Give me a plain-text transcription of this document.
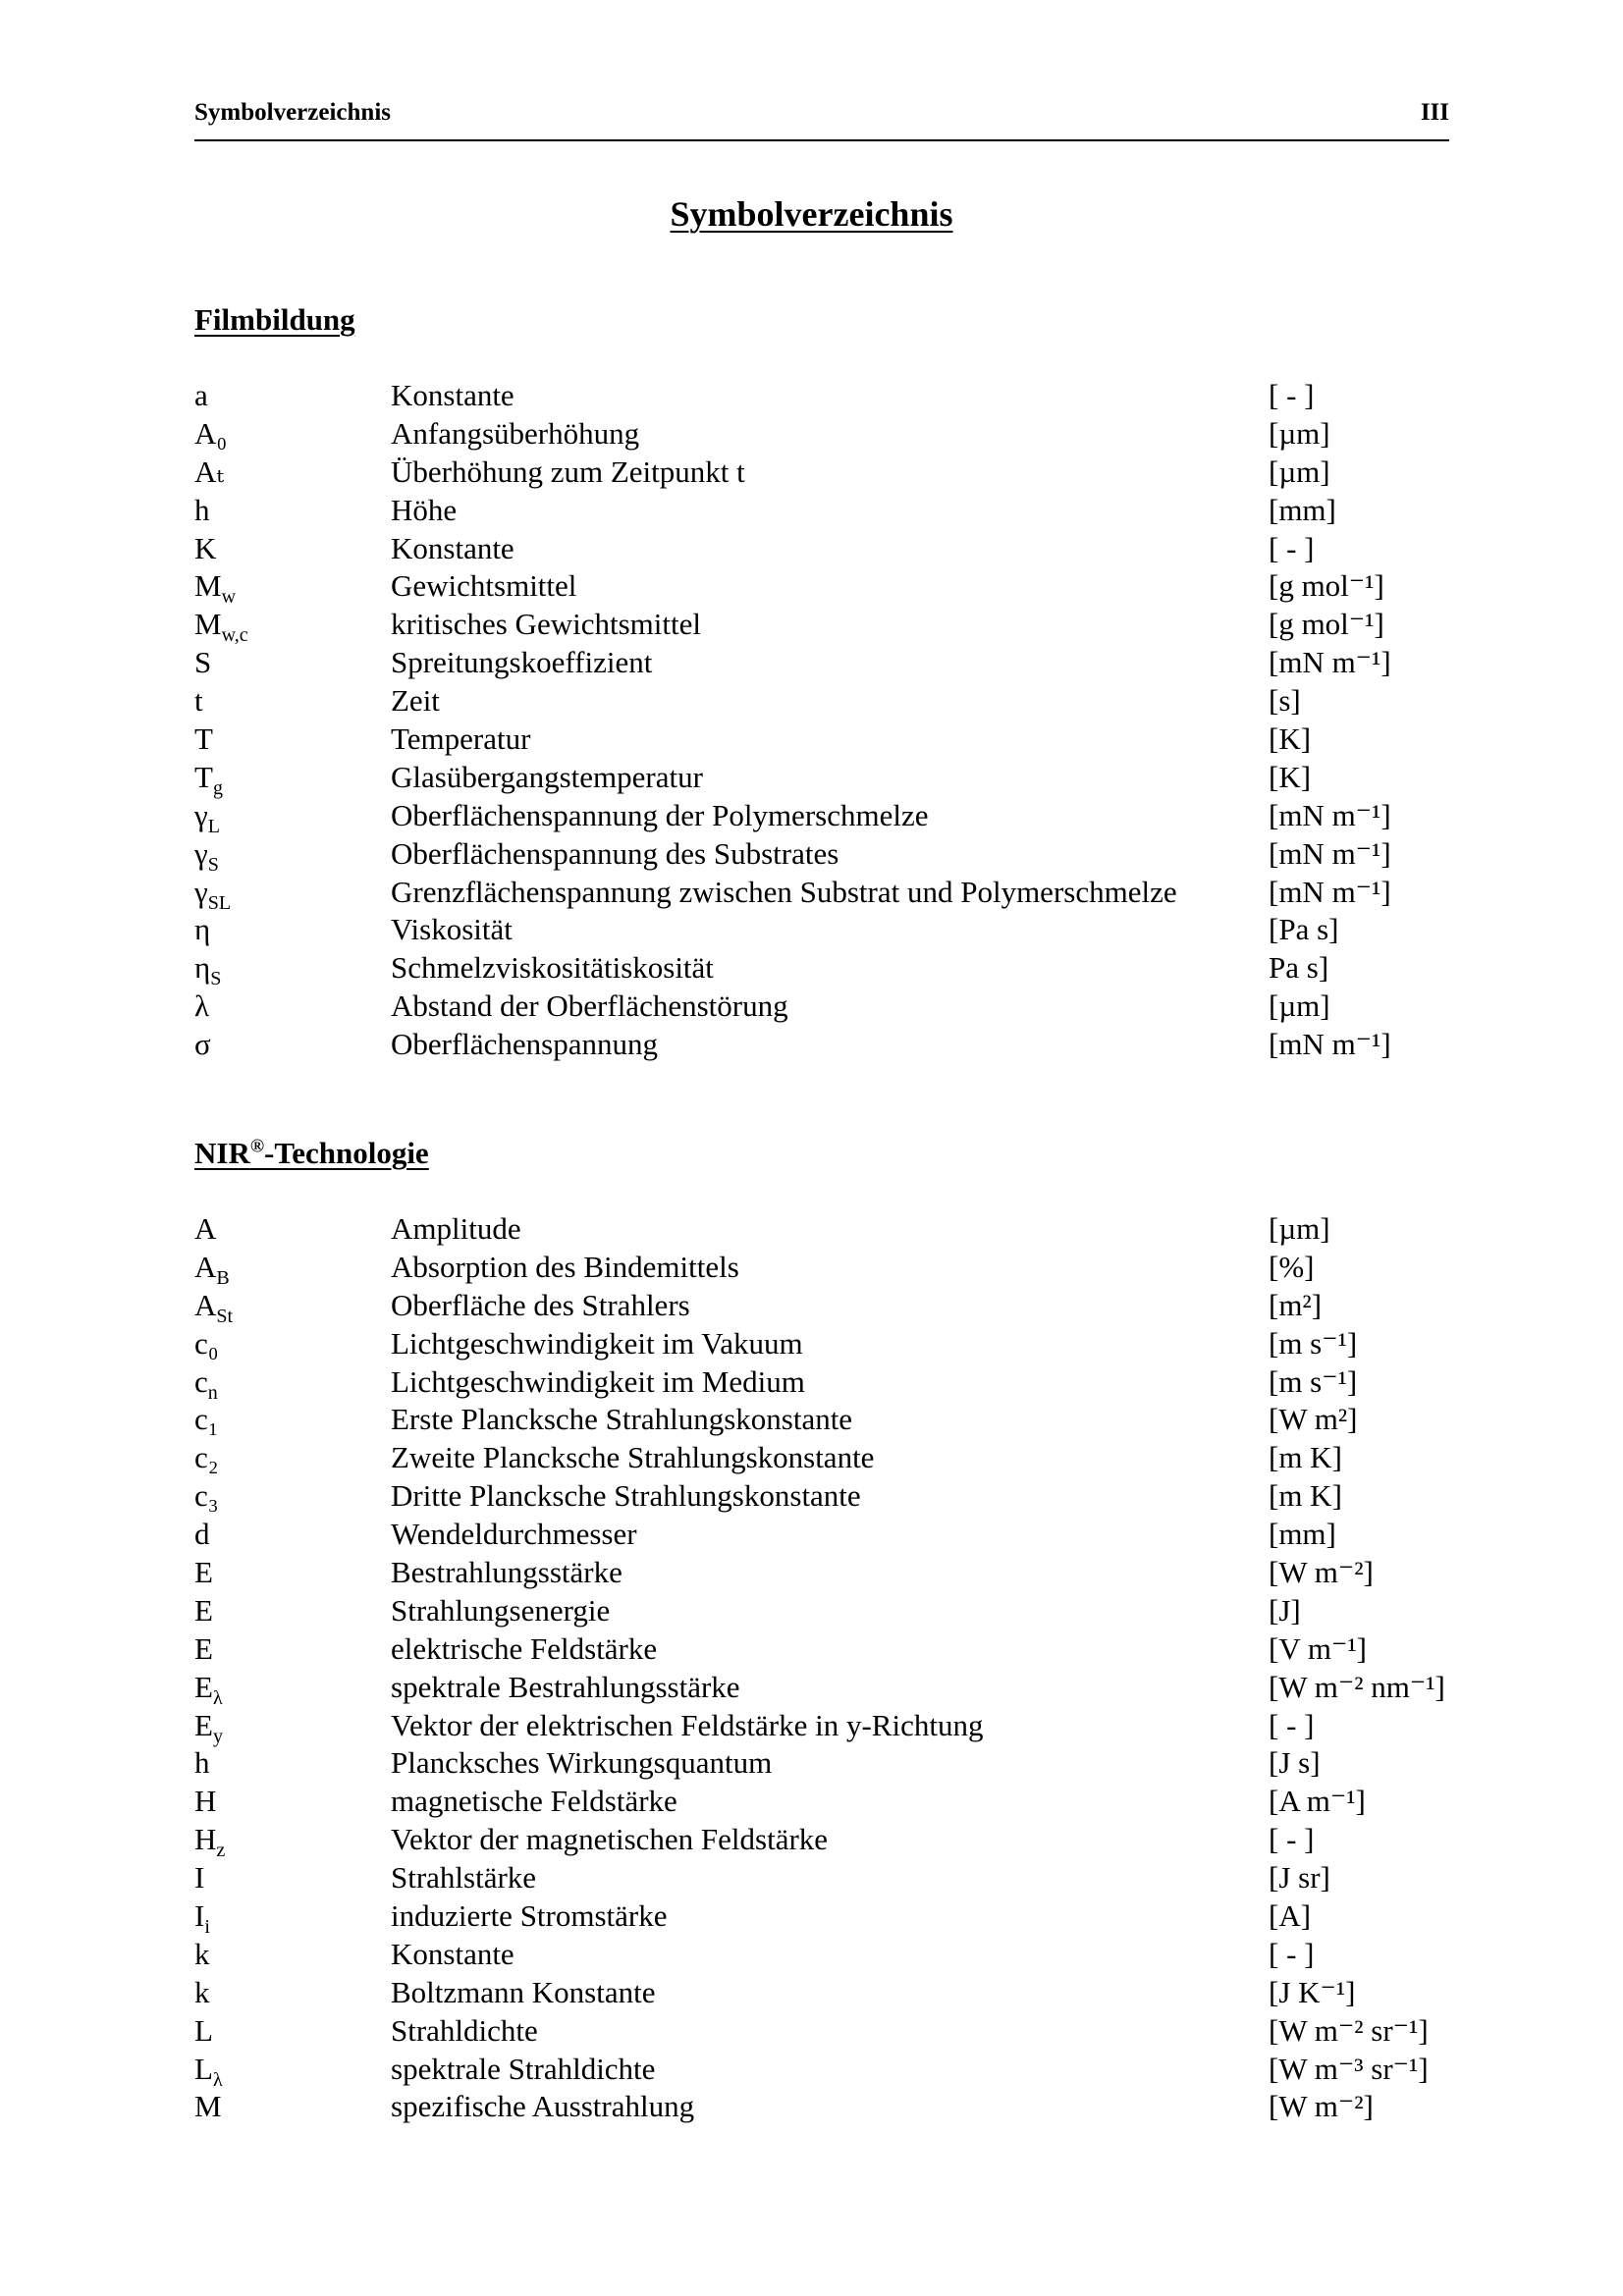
Symbolverzeichnis	III
Symbolverzeichnis
Filmbildung
a	Konstante	[ - ]
A₀	Anfangsüberhöhung	[µm]
Aₜ	Überhöhung zum Zeitpunkt t	[µm]
h	Höhe	[mm]
K	Konstante	[ - ]
$M_w$	Gewichtsmittel	[g mol⁻¹]
$M_{w,c}$	kritisches Gewichtsmittel	[g mol⁻¹]
S	Spreitungskoeffizient	[mN m⁻¹]
t	Zeit	[s]
T	Temperatur	[K]
$T_g$	Glasübergangstemperatur	[K]
$\gamma_L$	Oberflächenspannung der Polymerschmelze	[mN m⁻¹]
$\gamma_S$	Oberflächenspannung des Substrates	[mN m⁻¹]
$\gamma_{SL}$	Grenzflächenspannung zwischen Substrat und Polymerschmelze	[mN m⁻¹]
η	Viskosität	[Pa s]
$\eta_S$	Schmelzviskositätiskosität	Pa s]
λ	Abstand der Oberflächenstörung	[µm]
σ	Oberflächenspannung	[mN m⁻¹]
NIR®-Technologie
A	Amplitude	[µm]
$A_B$	Absorption des Bindemittels	[%]
$A_{St}$	Oberfläche des Strahlers	[m²]
c₀	Lichtgeschwindigkeit im Vakuum	[m s⁻¹]
$c_n$	Lichtgeschwindigkeit im Medium	[m s⁻¹]
c₁	Erste Plancksche Strahlungskonstante	[W m²]
c₂	Zweite Plancksche Strahlungskonstante	[m K]
c₃	Dritte Plancksche Strahlungskonstante	[m K]
d	Wendeldurchmesser	[mm]
E	Bestrahlungsstärke	[W m⁻²]
E	Strahlungsenergie	[J]
E	elektrische Feldstärke	[V m⁻¹]
$E_\lambda$	spektrale Bestrahlungsstärke	[W m⁻² nm⁻¹]
$E_y$	Vektor der elektrischen Feldstärke in y-Richtung	[ - ]
h	Plancksches Wirkungsquantum	[J s]
H	magnetische Feldstärke	[A m⁻¹]
$H_z$	Vektor der magnetischen Feldstärke	[ - ]
I	Strahlstärke	[J sr]
$I_i$	induzierte Stromstärke	[A]
k	Konstante	[ - ]
k	Boltzmann Konstante	[J K⁻¹]
L	Strahldichte	[W m⁻² sr⁻¹]
$L_\lambda$	spektrale Strahldichte	[W m⁻³ sr⁻¹]
M	spezifische Ausstrahlung	[W m⁻²]
